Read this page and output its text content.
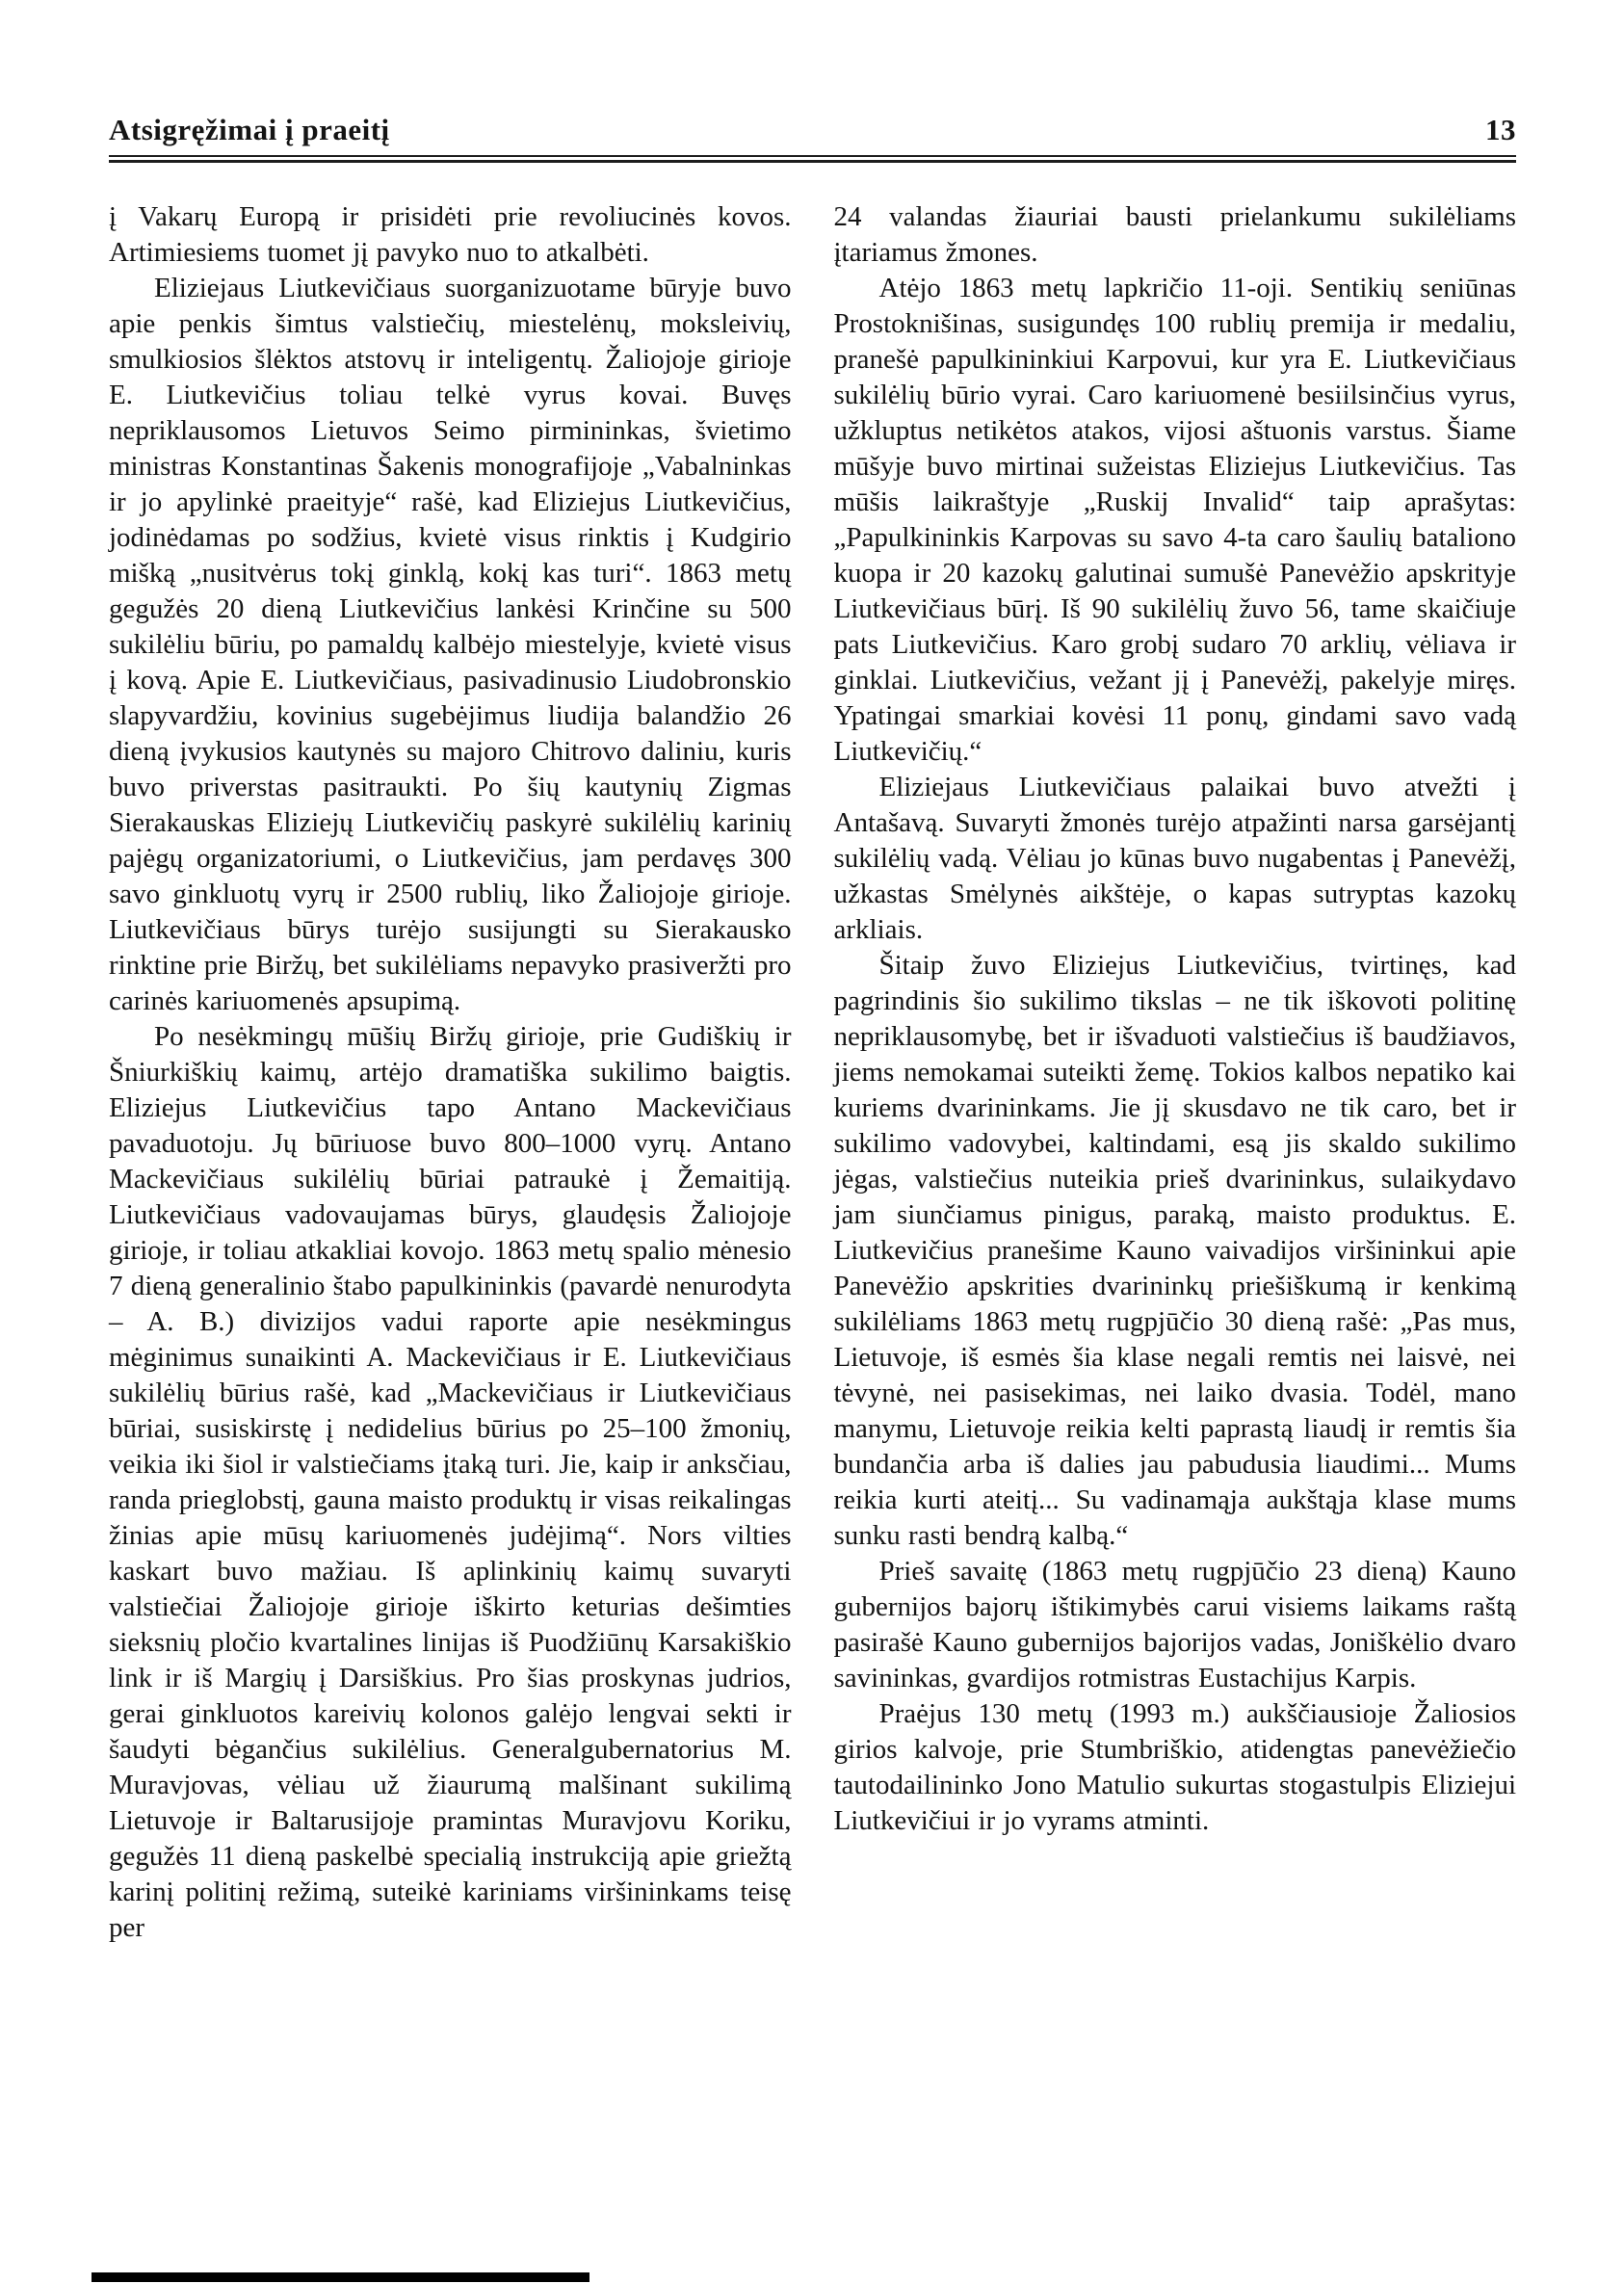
Atsigręžimai į praeitį	13

į Vakarų Europą ir prisidėti prie revoliucinės kovos. Artimiesiems tuomet jį pavyko nuo to atkalbėti.

Eliziejaus Liutkevičiaus suorganizuotame būryje buvo apie penkis šimtus valstiečių, miestelėnų, moksleivių, smulkiosios šlėktos atstovų ir inteligentų. Žaliojoje girioje E. Liutkevičius toliau telkė vyrus kovai. Buvęs nepriklausomos Lietuvos Seimo pirmininkas, švietimo ministras Konstantinas Šakenis monografijoje „Vabalninkas ir jo apylinkė praeityje“ rašė, kad Eliziejus Liutkevičius, jodinėdamas po sodžius, kvietė visus rinktis į Kudgirio mišką „nusitvėrus tokį ginklą, kokį kas turi“. 1863 metų gegužės 20 dieną Liutkevičius lankėsi Krinčine su 500 sukilėliu būriu, po pamaldų kalbėjo miestelyje, kvietė visus į kovą. Apie E. Liutkevičiaus, pasivadinusio Liudobronskio slapyvardžiu, kovinius sugebėjimus liudija balandžio 26 dieną įvykusios kautynės su majoro Chitrovo daliniu, kuris buvo priverstas pasitraukti. Po šių kautynių Zigmas Sierakauskas Eliziejų Liutkevičių paskyrė sukilėlių karinių pajėgų organizatoriumi, o Liutkevičius, jam perdavęs 300 savo ginkluotų vyrų ir 2500 rublių, liko Žaliojoje girioje. Liutkevičiaus būrys turėjo susijungti su Sierakausko rinktine prie Biržų, bet sukilėliams nepavyko prasiveržti pro carinės kariuomenės apsupimą.

Po nesėkmingų mūšių Biržų girioje, prie Gudiškių ir Šniurkiškių kaimų, artėjo dramatiška sukilimo baigtis. Eliziejus Liutkevičius tapo Antano Mackevičiaus pavaduotoju. Jų būriuose buvo 800–1000 vyrų. Antano Mackevičiaus sukilėlių būriai patraukė į Žemaitiją. Liutkevičiaus vadovaujamas būrys, glaudęsis Žaliojoje girioje, ir toliau atkakliai kovojo. 1863 metų spalio mėnesio 7 dieną generalinio štabo papulkininkis (pavardė nenurodyta – A. B.) divizijos vadui raporte apie nesėkmingus mėginimus sunaikinti A. Mackevičiaus ir E. Liutkevičiaus sukilėlių būrius rašė, kad „Mackevičiaus ir Liutkevičiaus būriai, susiskirstę į nedidelius būrius po 25–100 žmonių, veikia iki šiol ir valstiečiams įtaką turi. Jie, kaip ir anksčiau, randa prieglobstį, gauna maisto produktų ir visas reikalingas žinias apie mūsų kariuomenės judėjimą“. Nors vilties kaskart buvo mažiau. Iš aplinkinių kaimų suvaryti valstiečiai Žaliojoje girioje iškirto keturias dešimties sieksnių pločio kvartalines linijas iš Puodžiūnų Karsakiškio link ir iš Margių į Darsiškius. Pro šias proskynas judrios, gerai ginkluotos kareivių kolonos galėjo lengvai sekti ir šaudyti bėgančius sukilėlius. Generalgubernatorius M. Muravjovas, vėliau už žiaurumą malšinant sukilimą Lietuvoje ir Baltarusijoje pramintas Muravjovu Koriku, gegužės 11 dieną paskelbė specialią instrukciją apie griežtą karinį politinį režimą, suteikė kariniams viršininkams teisę per

24 valandas žiauriai bausti prielankumu sukilėliams įtariamus žmones.

Atėjo 1863 metų lapkričio 11-oji. Sentikių seniūnas Prostoknišinas, susigundęs 100 rublių premija ir medaliu, pranešė papulkininkiui Karpovui, kur yra E. Liutkevičiaus sukilėlių būrio vyrai. Caro kariuomenė besiilsinčius vyrus, užkluptus netikėtos atakos, vijosi aštuonis varstus. Šiame mūšyje buvo mirtinai sužeistas Eliziejus Liutkevičius. Tas mūšis laikraštyje „Ruskij Invalid“ taip aprašytas: „Papulkininkis Karpovas su savo 4-ta caro šaulių bataliono kuopa ir 20 kazokų galutinai sumušė Panevėžio apskrityje Liutkevičiaus būrį. Iš 90 sukilėlių žuvo 56, tame skaičiuje pats Liutkevičius. Karo grobį sudaro 70 arklių, vėliava ir ginklai. Liutkevičius, vežant jį į Panevėžį, pakelyje miręs. Ypatingai smarkiai kovėsi 11 ponų, gindami savo vadą Liutkevičių.“

Eliziejaus Liutkevičiaus palaikai buvo atvežti į Antašavą. Suvaryti žmonės turėjo atpažinti narsa garsėjantį sukilėlių vadą. Vėliau jo kūnas buvo nugabentas į Panevėžį, užkastas Smėlynės aikštėje, o kapas sutryptas kazokų arkliais.

Šitaip žuvo Eliziejus Liutkevičius, tvirtinęs, kad pagrindinis šio sukilimo tikslas – ne tik iškovoti politinę nepriklausomybę, bet ir išvaduoti valstiečius iš baudžiavos, jiems nemokamai suteikti žemę. Tokios kalbos nepatiko kai kuriems dvarininkams. Jie jį skusdavo ne tik caro, bet ir sukilimo vadovybei, kaltindami, esą jis skaldo sukilimo jėgas, valstiečius nuteikia prieš dvarininkus, sulaikydavo jam siunčiamus pinigus, paraką, maisto produktus. E. Liutkevičius pranešime Kauno vaivadijos viršininkui apie Panevėžio apskrities dvarininkų priešiškumą ir kenkimą sukilėliams 1863 metų rugpjūčio 30 dieną rašė: „Pas mus, Lietuvoje, iš esmės šia klase negali remtis nei laisvė, nei tėvynė, nei pasisekimas, nei laiko dvasia. Todėl, mano manymu, Lietuvoje reikia kelti paprastą liaudį ir remtis šia bundančia arba iš dalies jau pabudusia liaudimi... Mums reikia kurti ateitį... Su vadinamąja aukštąja klase mums sunku rasti bendrą kalbą.“

Prieš savaitę (1863 metų rugpjūčio 23 dieną) Kauno gubernijos bajorų ištikimybės carui visiems laikams raštą pasirašė Kauno gubernijos bajorijos vadas, Joniškėlio dvaro savininkas, gvardijos rotmistras Eustachijus Karpis.

Praėjus 130 metų (1993 m.) aukščiausioje Žaliosios girios kalvoje, prie Stumbriškio, atidengtas panevėžiečio tautodailininko Jono Matulio sukurtas stogastulpis Eliziejui Liutkevičiui ir jo vyrams atminti.
